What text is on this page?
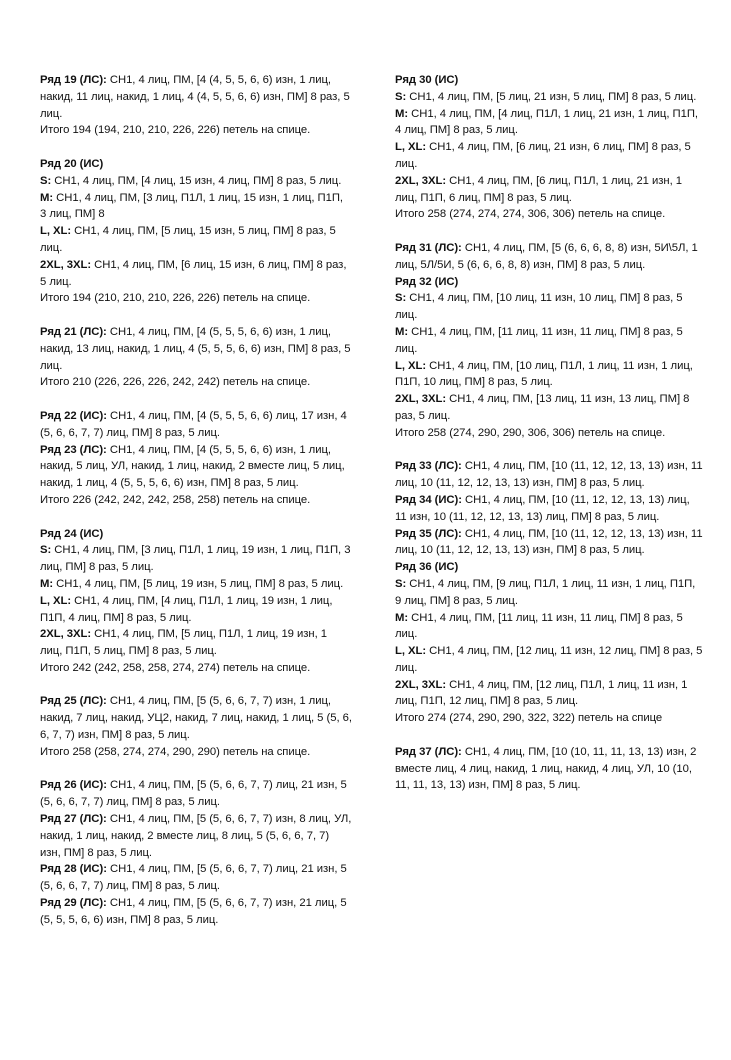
Ряд 19 (ЛС): СН1, 4 лиц, ПМ, [4 (4, 5, 5, 6, 6) изн, 1 лиц, накид, 11 лиц, накид, 1 лиц, 4 (4, 5, 5, 6, 6) изн, ПМ] 8 раз, 5 лиц.
Итого 194 (194, 210, 210, 226, 226) петель на спице.
Ряд 20 (ИС)
S: СН1, 4 лиц, ПМ, [4 лиц, 15 изн, 4 лиц, ПМ] 8 раз, 5 лиц.
M: СН1, 4 лиц, ПМ, [3 лиц, П1Л, 1 лиц, 15 изн, 1 лиц, П1П, 3 лиц, ПМ] 8
L, XL: СН1, 4 лиц, ПМ, [5 лиц, 15 изн, 5 лиц, ПМ] 8 раз, 5 лиц.
2XL, 3XL: СН1, 4 лиц, ПМ, [6 лиц, 15 изн, 6 лиц, ПМ] 8 раз, 5 лиц.
Итого 194 (210, 210, 210, 226, 226) петель на спице.
Ряд 21 (ЛС): СН1, 4 лиц, ПМ, [4 (5, 5, 5, 6, 6) изн, 1 лиц, накид, 13 лиц, накид, 1 лиц, 4 (5, 5, 5, 6, 6) изн, ПМ] 8 раз, 5 лиц.
Итого 210 (226, 226, 226, 242, 242) петель на спице.
Ряд 22 (ИС): СН1, 4 лиц, ПМ, [4 (5, 5, 5, 6, 6) лиц, 17 изн, 4 (5, 6, 6, 7, 7) лиц, ПМ] 8 раз, 5 лиц.
Ряд 23 (ЛС): СН1, 4 лиц, ПМ, [4 (5, 5, 5, 6, 6) изн, 1 лиц, накид, 5 лиц, УЛ, накид, 1 лиц, накид, 2 вместе лиц, 5 лиц, накид, 1 лиц, 4 (5, 5, 5, 6, 6) изн, ПМ] 8 раз, 5 лиц.
Итого 226 (242, 242, 242, 258, 258) петель на спице.
Ряд 24 (ИС)
S: СН1, 4 лиц, ПМ, [3 лиц, П1Л, 1 лиц, 19 изн, 1 лиц, П1П, 3 лиц, ПМ] 8 раз, 5 лиц.
M: СН1, 4 лиц, ПМ, [5 лиц, 19 изн, 5 лиц, ПМ] 8 раз, 5 лиц.
L, XL: СН1, 4 лиц, ПМ, [4 лиц, П1Л, 1 лиц, 19 изн, 1 лиц, П1П, 4 лиц, ПМ] 8 раз, 5 лиц.
2XL, 3XL: СН1, 4 лиц, ПМ, [5 лиц, П1Л, 1 лиц, 19 изн, 1 лиц, П1П, 5 лиц, ПМ] 8 раз, 5 лиц.
Итого 242 (242, 258, 258, 274, 274) петель на спице.
Ряд 25 (ЛС): СН1, 4 лиц, ПМ, [5 (5, 6, 6, 7, 7) изн, 1 лиц, накид, 7 лиц, накид, УЦ2, накид, 7 лиц, накид, 1 лиц, 5 (5, 6, 6, 7, 7) изн, ПМ] 8 раз, 5 лиц.
Итого 258 (258, 274, 274, 290, 290) петель на спице.
Ряд 26 (ИС): СН1, 4 лиц, ПМ, [5 (5, 6, 6, 7, 7) лиц, 21 изн, 5 (5, 6, 6, 7, 7) лиц, ПМ] 8 раз, 5 лиц.
Ряд 27 (ЛС): СН1, 4 лиц, ПМ, [5 (5, 6, 6, 7, 7) изн, 8 лиц, УЛ, накид, 1 лиц, накид, 2 вместе лиц, 8 лиц, 5 (5, 6, 6, 7, 7) изн, ПМ] 8 раз, 5 лиц.
Ряд 28 (ИС): СН1, 4 лиц, ПМ, [5 (5, 6, 6, 7, 7) лиц, 21 изн, 5 (5, 6, 6, 7, 7) лиц, ПМ] 8 раз, 5 лиц.
Ряд 29 (ЛС): СН1, 4 лиц, ПМ, [5 (5, 6, 6, 7, 7) изн, 21 лиц, 5 (5, 5, 5, 6, 6) изн, ПМ] 8 раз, 5 лиц.
Ряд 30 (ИС)
S: СН1, 4 лиц, ПМ, [5 лиц, 21 изн, 5 лиц, ПМ] 8 раз, 5 лиц.
M: СН1, 4 лиц, ПМ, [4 лиц, П1Л, 1 лиц, 21 изн, 1 лиц, П1П, 4 лиц, ПМ] 8 раз, 5 лиц.
L, XL: СН1, 4 лиц, ПМ, [6 лиц, 21 изн, 6 лиц, ПМ] 8 раз, 5 лиц.
2XL, 3XL: СН1, 4 лиц, ПМ, [6 лиц, П1Л, 1 лиц, 21 изн, 1 лиц, П1П, 6 лиц, ПМ] 8 раз, 5 лиц.
Итого 258 (274, 274, 274, 306, 306) петель на спице.
Ряд 31 (ЛС): СН1, 4 лиц, ПМ, [5 (6, 6, 6, 8, 8) изн, 5И\5Л, 1 лиц, 5Л/5И, 5 (6, 6, 6, 8, 8) изн, ПМ] 8 раз, 5 лиц.
Ряд 32 (ИС)
S: СН1, 4 лиц, ПМ, [10 лиц, 11 изн, 10 лиц, ПМ] 8 раз, 5 лиц.
M: СН1, 4 лиц, ПМ, [11 лиц, 11 изн, 11 лиц, ПМ] 8 раз, 5 лиц.
L, XL: СН1, 4 лиц, ПМ, [10 лиц, П1Л, 1 лиц, 11 изн, 1 лиц, П1П, 10 лиц, ПМ] 8 раз, 5 лиц.
2XL, 3XL: СН1, 4 лиц, ПМ, [13 лиц, 11 изн, 13 лиц, ПМ] 8 раз, 5 лиц.
Итого 258 (274, 290, 290, 306, 306) петель на спице.
Ряд 33 (ЛС): СН1, 4 лиц, ПМ, [10 (11, 12, 12, 13, 13) изн, 11 лиц, 10 (11, 12, 12, 13, 13) изн, ПМ] 8 раз, 5 лиц.
Ряд 34 (ИС): СН1, 4 лиц, ПМ, [10 (11, 12, 12, 13, 13) лиц, 11 изн, 10 (11, 12, 12, 13, 13) лиц, ПМ] 8 раз, 5 лиц.
Ряд 35 (ЛС): СН1, 4 лиц, ПМ, [10 (11, 12, 12, 13, 13) изн, 11 лиц, 10 (11, 12, 12, 13, 13) изн, ПМ] 8 раз, 5 лиц.
Ряд 36 (ИС)
S: СН1, 4 лиц, ПМ, [9 лиц, П1Л, 1 лиц, 11 изн, 1 лиц, П1П, 9 лиц, ПМ] 8 раз, 5 лиц.
M: СН1, 4 лиц, ПМ, [11 лиц, 11 изн, 11 лиц, ПМ] 8 раз, 5 лиц.
L, XL: СН1, 4 лиц, ПМ, [12 лиц, 11 изн, 12 лиц, ПМ] 8 раз, 5 лиц.
2XL, 3XL: СН1, 4 лиц, ПМ, [12 лиц, П1Л, 1 лиц, 11 изн, 1 лиц, П1П, 12 лиц, ПМ] 8 раз, 5 лиц.
Итого 274 (274, 290, 290, 322, 322) петель на спице
Ряд 37 (ЛС): СН1, 4 лиц, ПМ, [10 (10, 11, 11, 13, 13) изн, 2 вместе лиц, 4 лиц, накид, 1 лиц, накид, 4 лиц, УЛ, 10 (10, 11, 11, 13, 13) изн, ПМ] 8 раз, 5 лиц.
